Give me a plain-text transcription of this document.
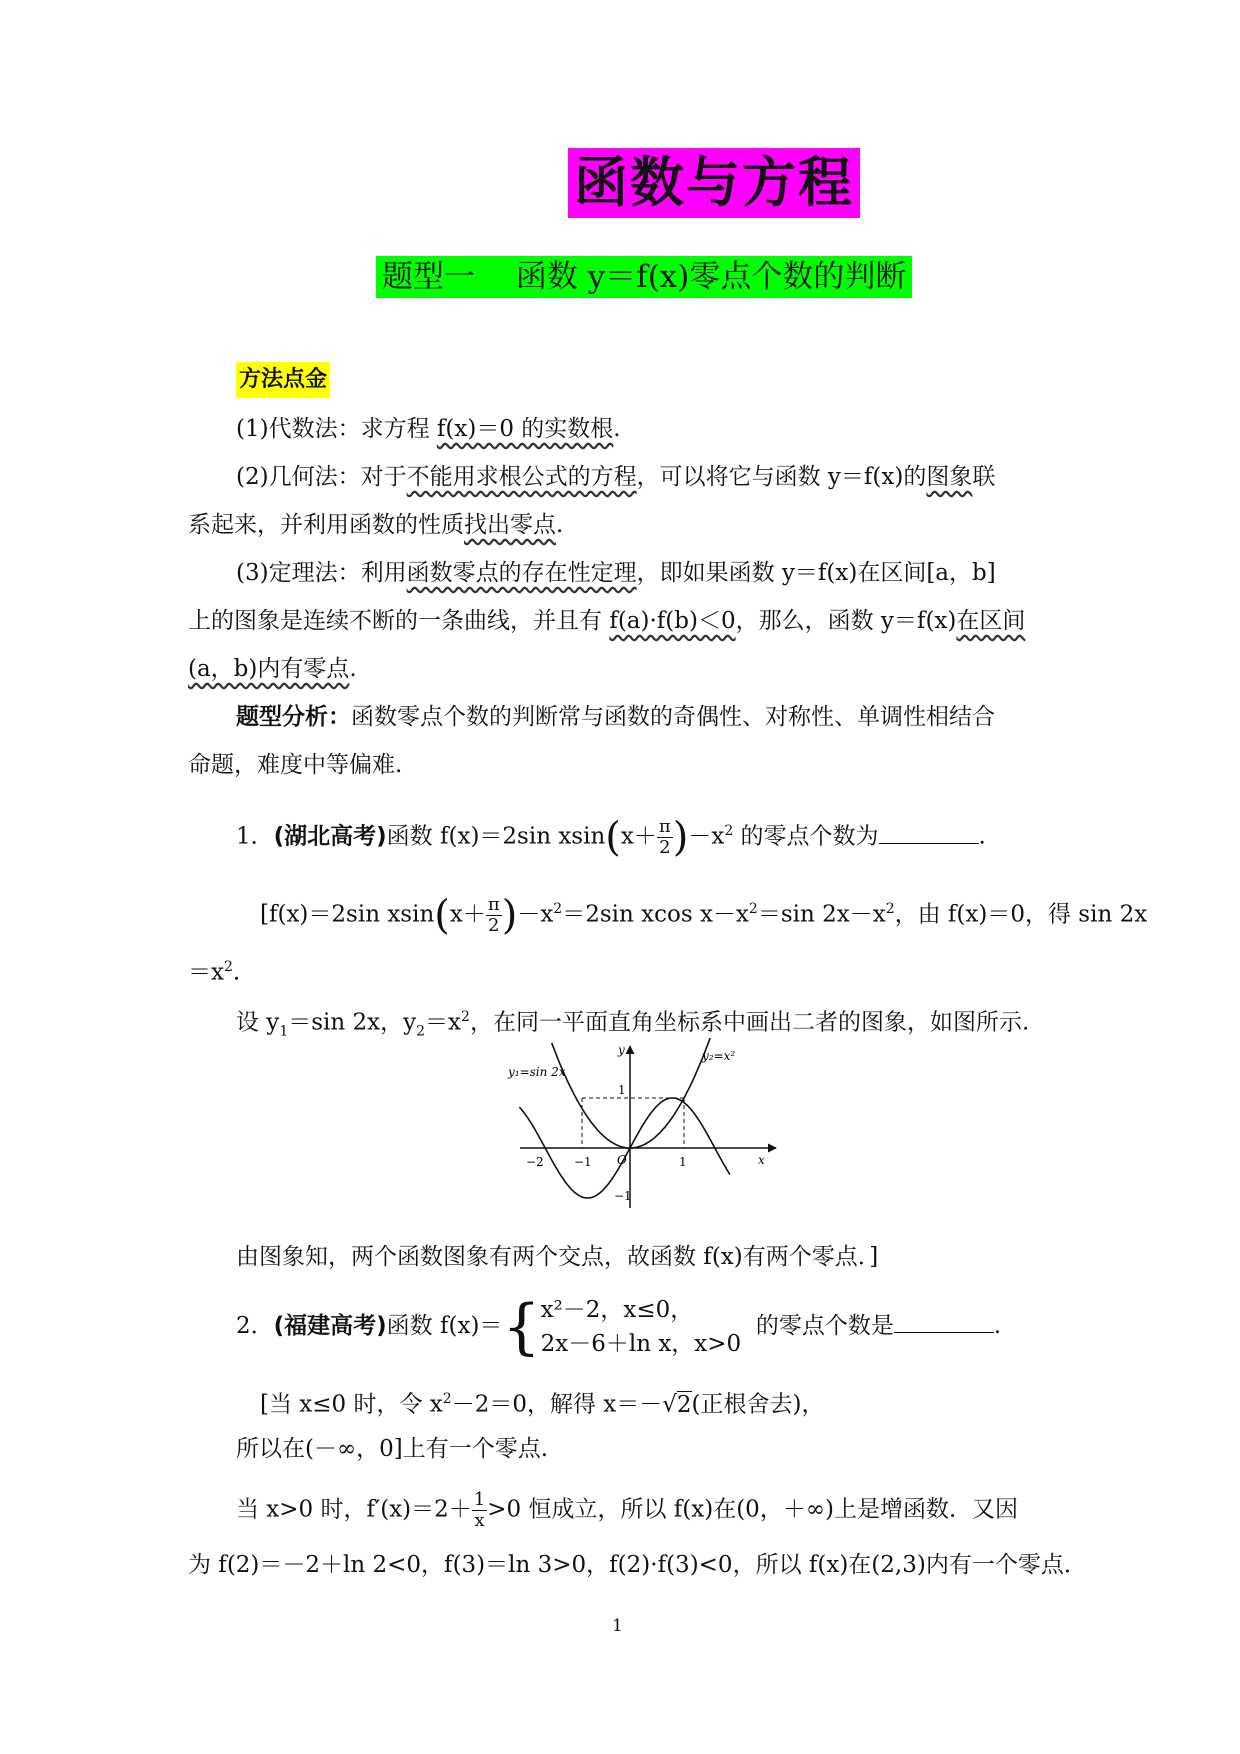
函数与方程
题型一　 函数 y＝f(x)零点个数的判断
方法点金
(1)代数法：求方程 f(x)＝0 的实数根.
(2)几何法：对于不能用求根公式的方程，可以将它与函数 y＝f(x)的图象联
系起来，并利用函数的性质找出零点.
(3)定理法：利用函数零点的存在性定理，即如果函数 y＝f(x)在区间[a，b]
上的图象是连续不断的一条曲线，并且有 f(a)·f(b)＜0，那么，函数 y＝f(x)在区间
(a，b)内有零点.
题型分析：函数零点个数的判断常与函数的奇偶性、对称性、单调性相结合
命题，难度中等偏难.
1．(湖北高考)函数 f(x)＝2sin $xsin(x+ \frac{\pi}{2} )-x^2$ 的零点个数为	.
[f(x)＝2sin $xsin(x+ \frac{\pi}{2} )-x^2=2\sin$ xcos $x-x^2=\sin$ $2x-x^2$，由 f(x)＝0，得 sin 2x
$=x^2$.
设 $y_1=\sin$ 2x，$y_2=x^2$，在同一平面直角坐标系中画出二者的图象，如图所示.
y₁=sin 2x
y₂=x²
y
x
O
−2	−1	1
1
−1
由图象知，两个函数图象有两个交点，故函数 f(x)有两个零点．]
2．(福建高考)函数 f(x)＝{ x²－2，x≤0，
2x－6＋ln x，x>0
的零点个数是	.
[当 x≤0 时，令 $x^2-2=0$，解得 x＝－√2(正根舍去)，
所以在(－∞，0]上有一个零点.
当 x>0 时，$f'(x)=2+ \frac{1}{x} >0$ 恒成立，所以 f(x)在(0，＋∞)上是增函数．又因
为 f(2)＝－2＋ln 2<0，f(3)＝ln 3>0，f(2)·f(3)<0，所以 f(x)在(2,3)内有一个零点．
1
